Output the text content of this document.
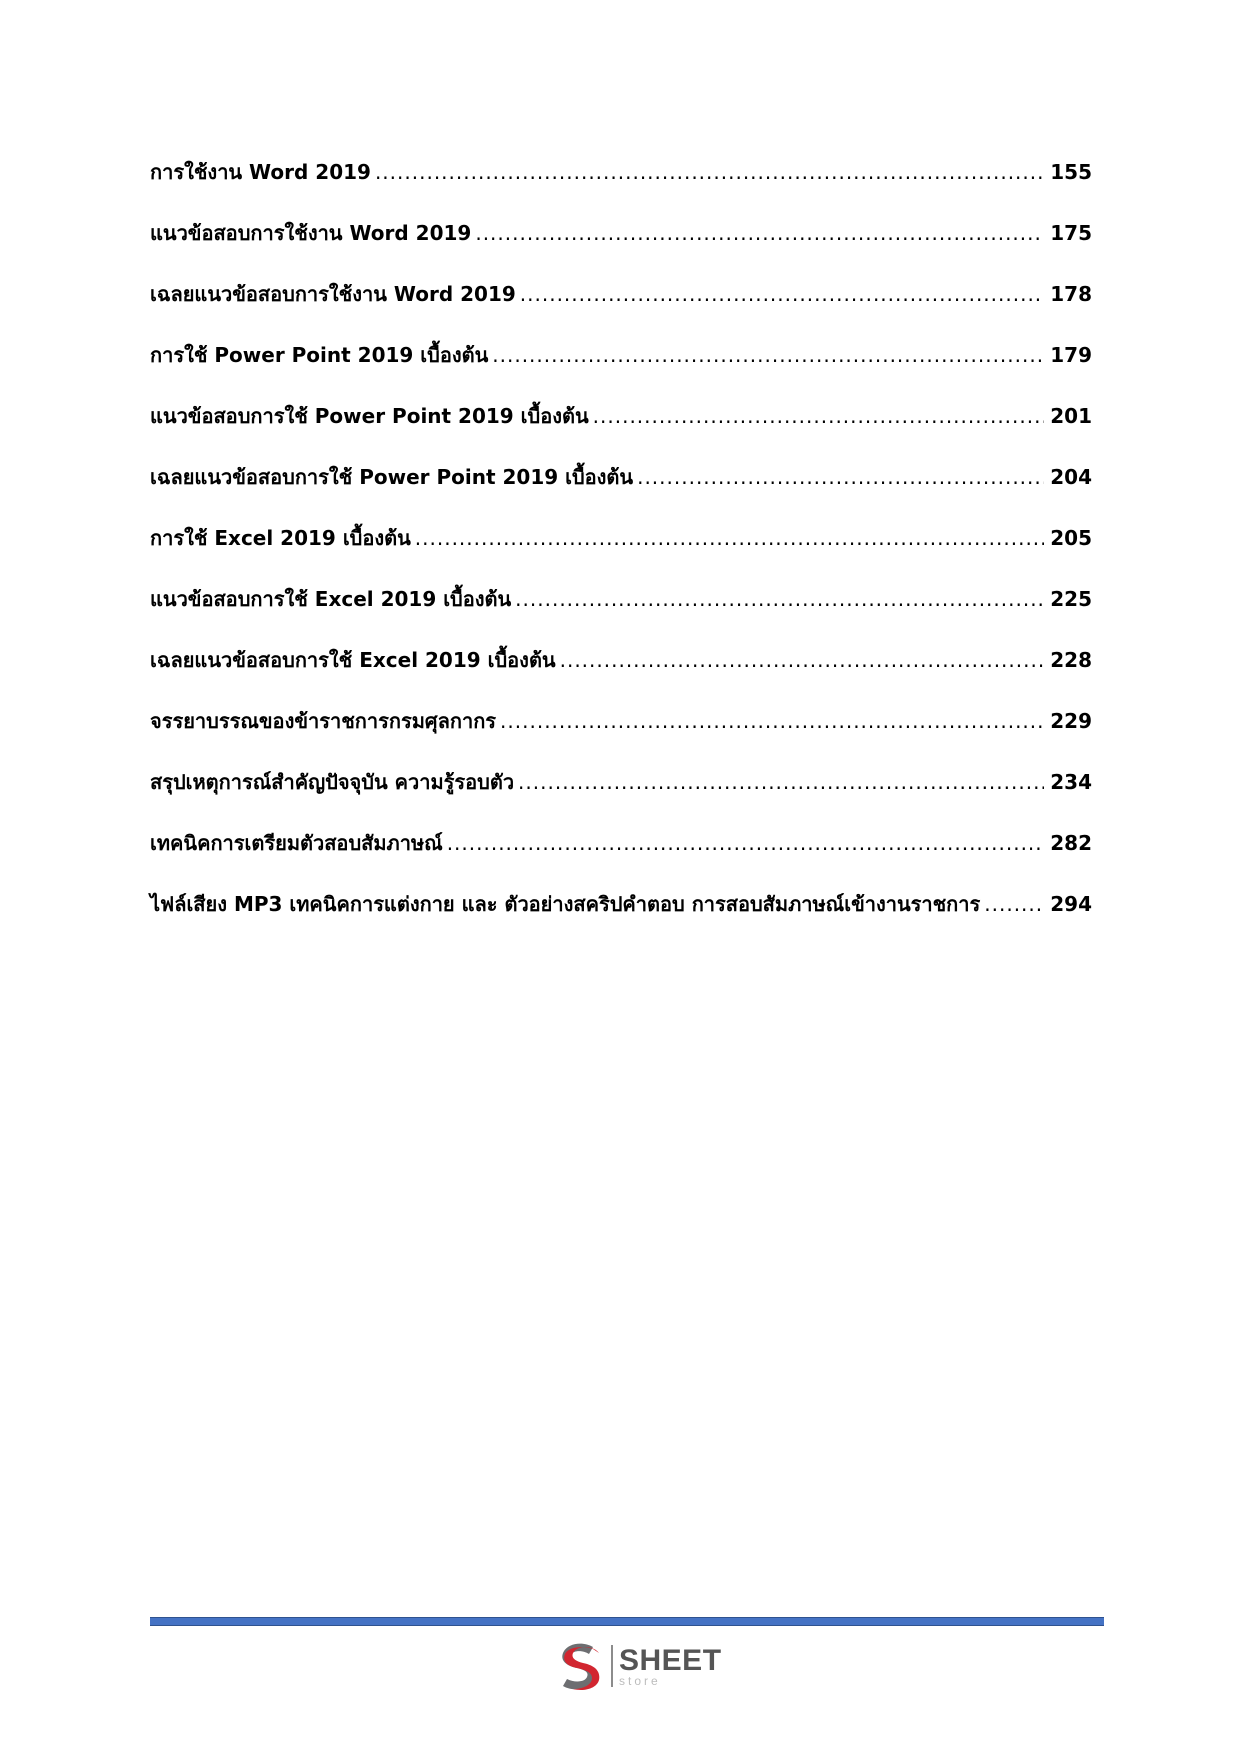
การใช้งาน Word 2019 .....	155
แนวข้อสอบการใช้งาน Word 2019 .....	175
เฉลยแนวข้อสอบการใช้งาน Word 2019 .....	178
การใช้ Power Point 2019 เบื้องต้น .....	179
แนวข้อสอบการใช้ Power Point 2019 เบื้องต้น .....	201
เฉลยแนวข้อสอบการใช้ Power Point 2019 เบื้องต้น .....	204
การใช้ Excel 2019 เบื้องต้น .....	205
แนวข้อสอบการใช้ Excel 2019 เบื้องต้น .....	225
เฉลยแนวข้อสอบการใช้ Excel 2019 เบื้องต้น .....	228
จรรยาบรรณของข้าราชการกรมศุลกากร .....	229
สรุปเหตุการณ์สำคัญปัจจุบัน ความรู้รอบตัว .....	234
เทคนิคการเตรียมตัวสอบสัมภาษณ์ .....	282
ไฟล์เสียง MP3 เทคนิคการแต่งกาย และ ตัวอย่างสคริปคำตอบ การสอบสัมภาษณ์เข้างานราชการ .....	294
SHEET
store
